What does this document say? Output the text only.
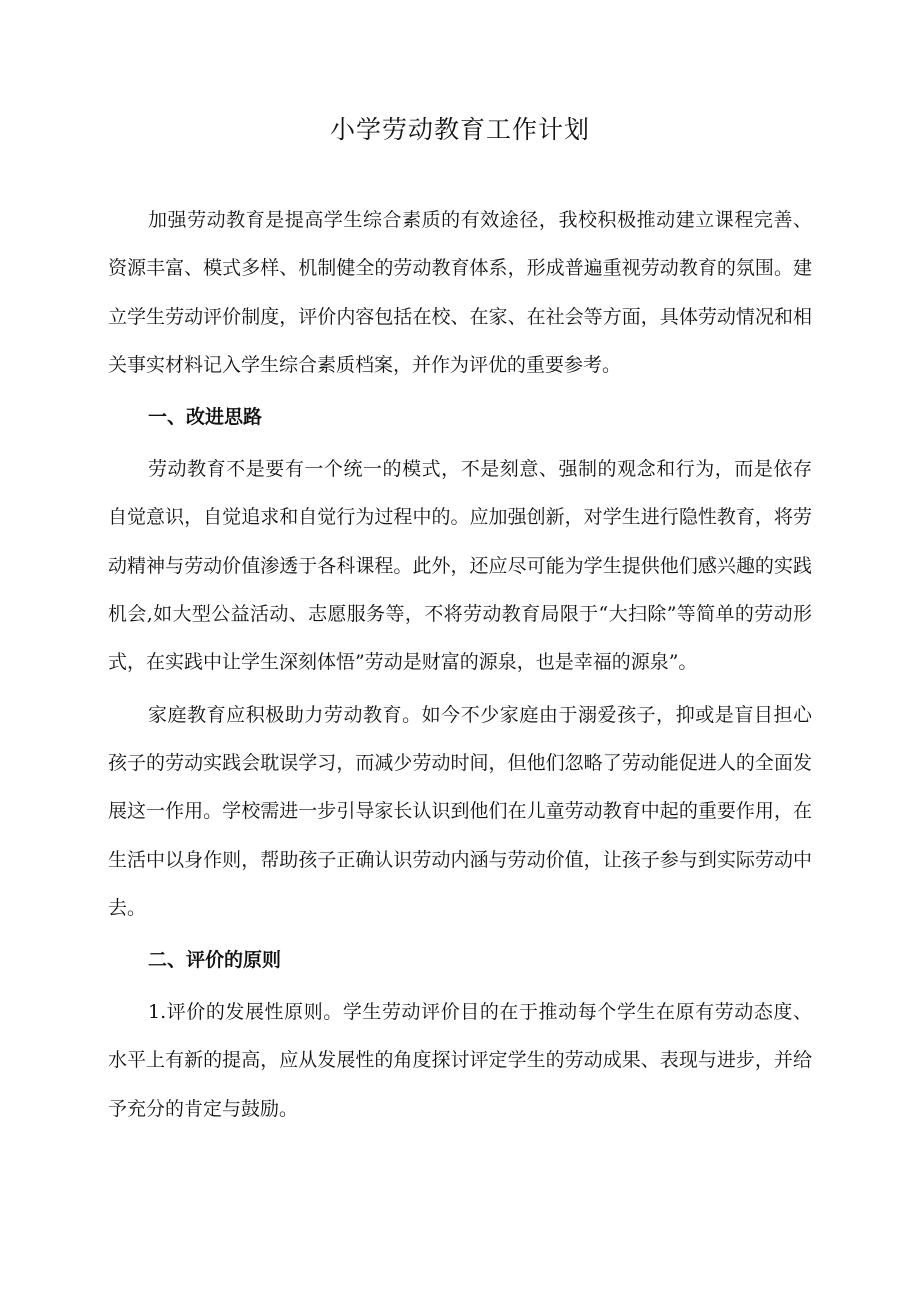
小学劳动教育工作计划

加强劳动教育是提高学生综合素质的有效途径，我校积极推动建立课程完善、资源丰富、模式多样、机制健全的劳动教育体系，形成普遍重视劳动教育的氛围。建立学生劳动评价制度，评价内容包括在校、在家、在社会等方面，具体劳动情况和相关事实材料记入学生综合素质档案，并作为评优的重要参考。

一、改进思路

劳动教育不是要有一个统一的模式，不是刻意、强制的观念和行为，而是依存自觉意识，自觉追求和自觉行为过程中的。应加强创新，对学生进行隐性教育，将劳动精神与劳动价值渗透于各科课程。此外，还应尽可能为学生提供他们感兴趣的实践机会,如大型公益活动、志愿服务等，不将劳动教育局限于“大扫除”等简单的劳动形式，在实践中让学生深刻体悟”劳动是财富的源泉，也是幸福的源泉”。

家庭教育应积极助力劳动教育。如今不少家庭由于溺爱孩子，抑或是盲目担心孩子的劳动实践会耽误学习，而减少劳动时间，但他们忽略了劳动能促进人的全面发展这一作用。学校需进一步引导家长认识到他们在儿童劳动教育中起的重要作用，在生活中以身作则，帮助孩子正确认识劳动内涵与劳动价值，让孩子参与到实际劳动中去。

二、评价的原则

1.评价的发展性原则。学生劳动评价目的在于推动每个学生在原有劳动态度、水平上有新的提高，应从发展性的角度探讨评定学生的劳动成果、表现与进步，并给予充分的肯定与鼓励。
